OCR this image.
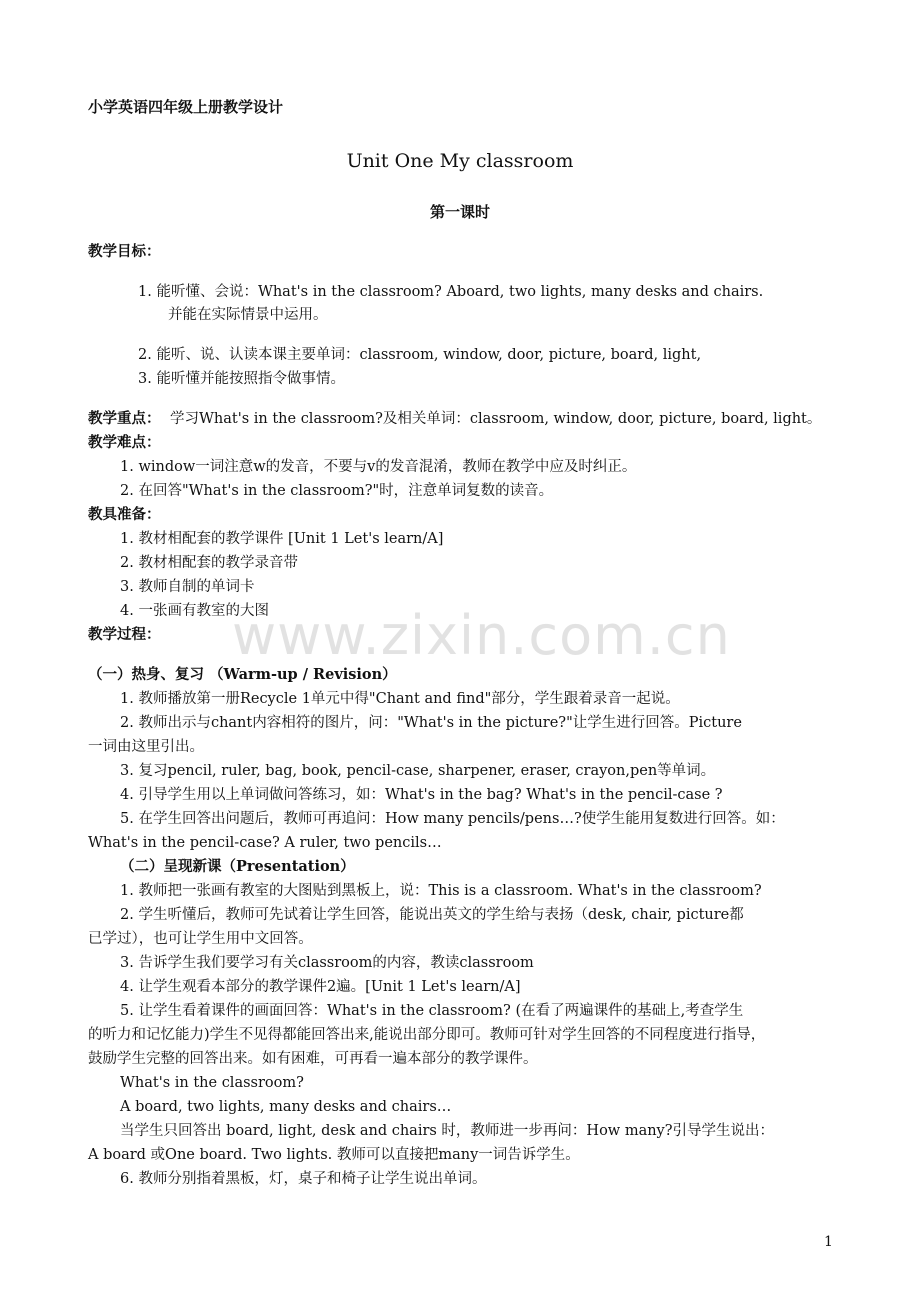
www.zixin.com.cn
小学英语四年级上册教学设计
Unit One My classroom
第一课时
教学目标：
1. 能听懂、会说：What's in the classroom? Aboard, two lights, many desks and chairs.
并能在实际情景中运用。
2. 能听、说、认读本课主要单词：classroom, window, door, picture, board, light,
3. 能听懂并能按照指令做事情。
教学重点： 学习What's in the classroom?及相关单词：classroom, window, door, picture, board, light。
教学难点：
1. window一词注意w的发音，不要与v的发音混淆，教师在教学中应及时纠正。
2. 在回答"What's in the classroom?"时，注意单词复数的读音。
教具准备：
1. 教材相配套的教学课件 [Unit 1 Let's learn/A]
2. 教材相配套的教学录音带
3. 教师自制的单词卡
4. 一张画有教室的大图
教学过程：
（一）热身、复习 （Warm-up / Revision）
1. 教师播放第一册Recycle 1单元中得"Chant and find"部分，学生跟着录音一起说。
2. 教师出示与chant内容相符的图片，问："What's in the picture?"让学生进行回答。Picture
一词由这里引出。
3. 复习pencil, ruler, bag, book, pencil-case, sharpener, eraser, crayon,pen等单词。
4. 引导学生用以上单词做问答练习，如：What's in the bag? What's in the pencil-case ?
5. 在学生回答出问题后，教师可再追问：How many pencils/pens…?使学生能用复数进行回答。如：
What's in the pencil-case? A ruler, two pencils…
（二）呈现新课（Presentation）
1. 教师把一张画有教室的大图贴到黑板上，说：This is a classroom. What's in the classroom?
2. 学生听懂后，教师可先试着让学生回答，能说出英文的学生给与表扬（desk, chair, picture都
已学过），也可让学生用中文回答。
3. 告诉学生我们要学习有关classroom的内容，教读classroom
4. 让学生观看本部分的教学课件2遍。[Unit 1 Let's learn/A]
5. 让学生看着课件的画面回答：What's in the classroom? (在看了两遍课件的基础上,考查学生
的听力和记忆能力)学生不见得都能回答出来,能说出部分即可。教师可针对学生回答的不同程度进行指导，
鼓励学生完整的回答出来。如有困难，可再看一遍本部分的教学课件。
What's in the classroom?
A board, two lights, many desks and chairs…
当学生只回答出 board, light, desk and chairs 时，教师进一步再问：How many?引导学生说出：
A board 或One board. Two lights. 教师可以直接把many一词告诉学生。
6. 教师分别指着黑板，灯，桌子和椅子让学生说出单词。
1
